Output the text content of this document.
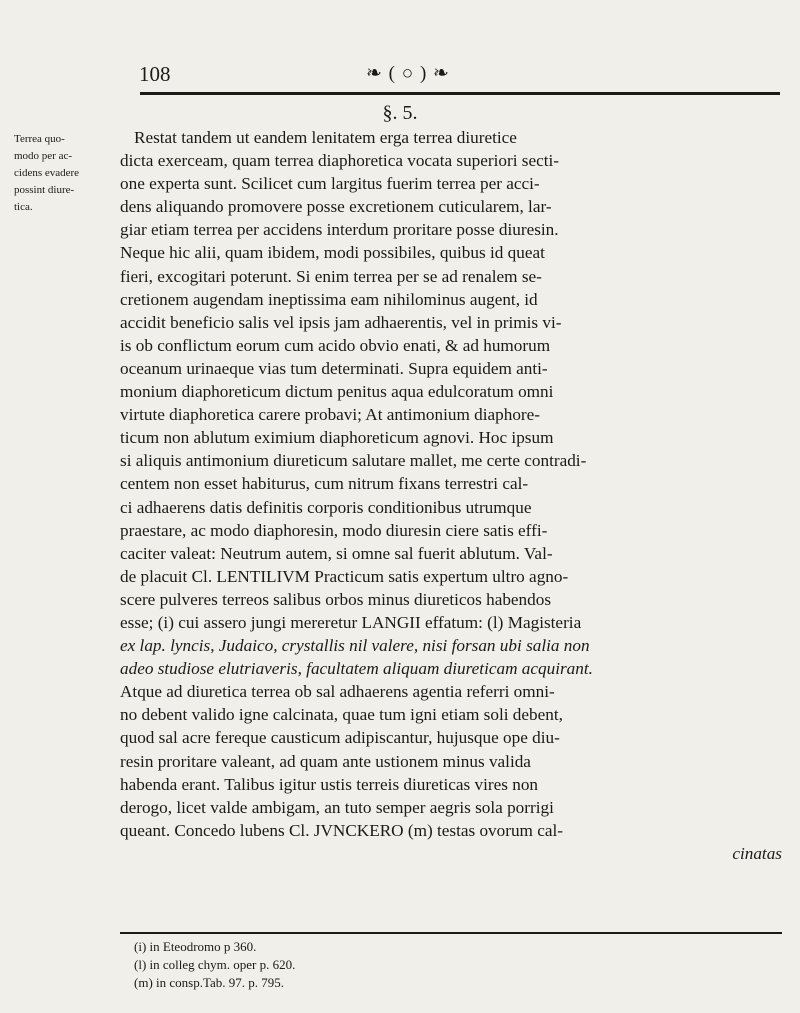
108	❧ ( ○ ) ❧
§. 5.
Terrea quo-
modo per ac-
cidens evadere
possint diure-
tica.
Restat tandem ut eandem lenitatem erga terrea diuretice
dicta exerceam, quam terrea diaphoretica vocata superiori secti-
one experta sunt. Scilicet cum largitus fuerim terrea per acci-
dens aliquando promovere posse excretionem cuticularem, lar-
giar etiam terrea per accidens interdum proritare posse diuresin.
Neque hic alii, quam ibidem, modi possibiles, quibus id queat
fieri, excogitari poterunt. Si enim terrea per se ad renalem se-
cretionem augendam ineptissima eam nihilominus augent, id
accidit beneficio salis vel ipsis jam adhaerentis, vel in primis vi-
is ob conflictum eorum cum acido obvio enati, & ad humorum
oceanum urinaeque vias tum determinati. Supra equidem anti-
monium diaphoreticum dictum penitus aqua edulcoratum omni
virtute diaphoretica carere probavi; At antimonium diaphore-
ticum non ablutum eximium diaphoreticum agnovi. Hoc ipsum
si aliquis antimonium diureticum salutare mallet, me certe contradi-
centem non esset habiturus, cum nitrum fixans terrestri cal-
ci adhaerens datis definitis corporis conditionibus utrumque
praestare, ac modo diaphoresin, modo diuresin ciere satis effi-
caciter valeat: Neutrum autem, si omne sal fuerit ablutum. Val-
de placuit Cl. LENTILIVM Practicum satis expertum ultro agno-
scere pulveres terreos salibus orbos minus diureticos habendos
esse; (i) cui assero jungi mereretur LANGII effatum: (l) Magisteria
ex lap. lyncis, Judaico, crystallis nil valere, nisi forsan ubi salia non
adeo studiose elutriaveris, facultatem aliquam diureticam acquirant.
Atque ad diuretica terrea ob sal adhaerens agentia referri omni-
no debent valido igne calcinata, quae tum igni etiam soli debent,
quod sal acre fereque causticum adipiscantur, hujusque ope diu-
resin proritare valeant, ad quam ante ustionem minus valida
habenda erant. Talibus igitur ustis terreis diureticas vires non
derogo, licet valde ambigam, an tuto semper aegris sola porrigi
queant. Concedo lubens Cl. JVNCKERO (m) testas ovorum cal-
cinatas
(i) in Eteodromo p 360.
(l) in colleg chym. oper p. 620.
(m) in consp.Tab. 97. p. 795.
